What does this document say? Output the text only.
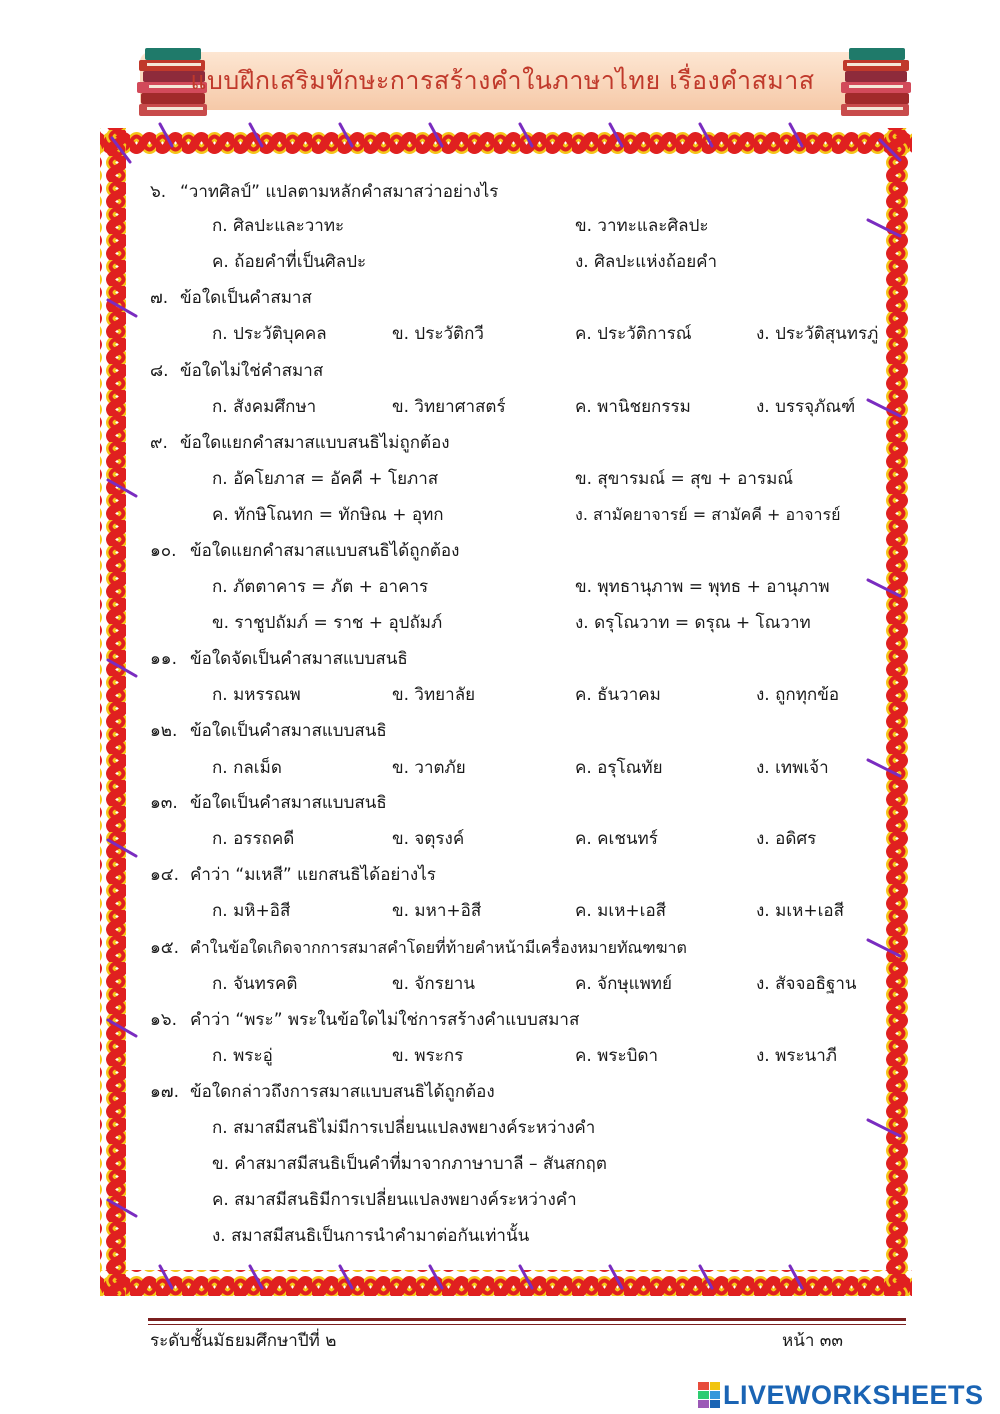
แบบฝึกเสริมทักษะการสร้างคำในภาษาไทย เรื่องคำสมาส
๖. “วาทศิลป์” แปลตามหลักคำสมาสว่าอย่างไร
ก. ศิลปะและวาทะ	ข. วาทะและศิลปะ
ค. ถ้อยคำที่เป็นศิลปะ	ง. ศิลปะแห่งถ้อยคำ
๗. ข้อใดเป็นคำสมาส
ก. ประวัติบุคคล	ข. ประวัติกวี	ค. ประวัติการณ์	ง. ประวัติสุนทรภู่
๘. ข้อใดไม่ใช่คำสมาส
ก. สังคมศึกษา	ข. วิทยาศาสตร์	ค. พานิชยกรรม	ง. บรรจุภัณฑ์
๙. ข้อใดแยกคำสมาสแบบสนธิไม่ถูกต้อง
ก. อัคโยภาส = อัคคี + โยภาส	ข. สุขารมณ์ = สุข + อารมณ์
ค. ทักษิโณทก = ทักษิณ + อุทก	ง. สามัคยาจารย์ = สามัคคี + อาจารย์
๑๐. ข้อใดแยกคำสมาสแบบสนธิได้ถูกต้อง
ก. ภัตตาคาร = ภัต + อาคาร	ข. พุทธานุภาพ = พุทธ + อานุภาพ
ข. ราชูปถัมภ์ = ราช + อุปถัมภ์	ง. ดรุโณวาท = ดรุณ + โณวาท
๑๑. ข้อใดจัดเป็นคำสมาสแบบสนธิ
ก. มหรรณพ	ข. วิทยาลัย	ค. ธันวาคม	ง. ถูกทุกข้อ
๑๒. ข้อใดเป็นคำสมาสแบบสนธิ
ก. กลเม็ด	ข. วาตภัย	ค. อรุโณทัย	ง. เทพเจ้า
๑๓. ข้อใดเป็นคำสมาสแบบสนธิ
ก. อรรถคดี	ข. จตุรงค์	ค. คเชนทร์	ง. อดิศร
๑๔. คำว่า “มเหสี” แยกสนธิได้อย่างไร
ก. มหิ+อิสี	ข. มหา+อิสี	ค. มเห+เอสี	ง. มเห+เอสี
๑๕. คำในข้อใดเกิดจากการสมาสคำโดยที่ท้ายคำหน้ามีเครื่องหมายทัณฑฆาต
ก. จันทรคติ	ข. จักรยาน	ค. จักษุแพทย์	ง. สัจจอธิฐาน
๑๖. คำว่า “พระ” พระในข้อใดไม่ใช่การสร้างคำแบบสมาส
ก. พระอู่	ข. พระกร	ค. พระบิดา	ง. พระนาภี
๑๗. ข้อใดกล่าวถึงการสมาสแบบสนธิได้ถูกต้อง
ก. สมาสมีสนธิไม่มีการเปลี่ยนแปลงพยางค์ระหว่างคำ
ข. คำสมาสมีสนธิเป็นคำที่มาจากภาษาบาลี – สันสกฤต
ค. สมาสมีสนธิมีการเปลี่ยนแปลงพยางค์ระหว่างคำ
ง. สมาสมีสนธิเป็นการนำคำมาต่อกันเท่านั้น
ระดับชั้นมัธยมศึกษาปีที่ ๒	หน้า ๓๓
LIVEWORKSHEETS
